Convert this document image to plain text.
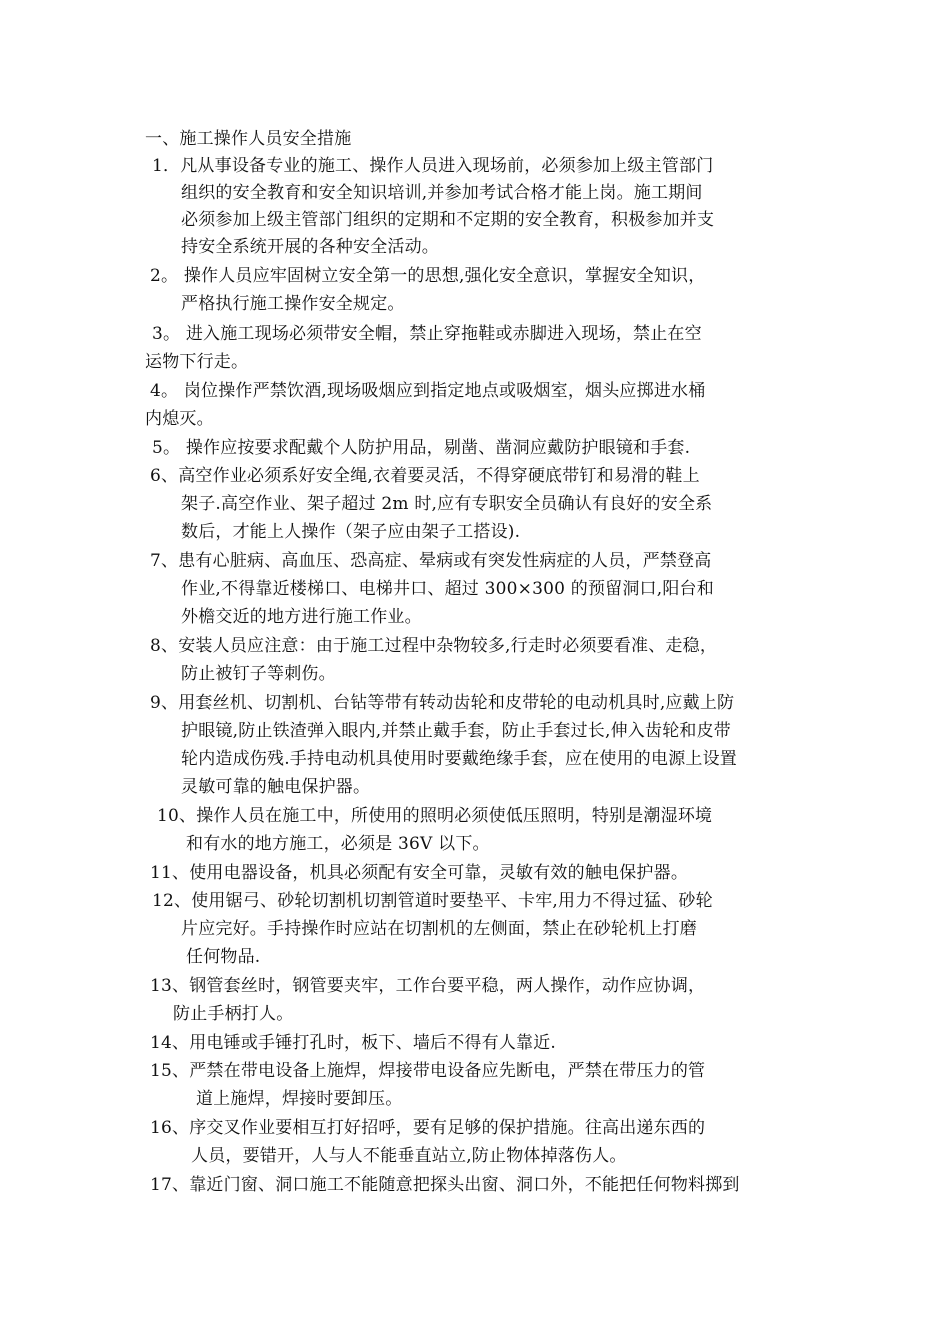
一、施工操作人员安全措施
1．凡从事设备专业的施工、操作人员进入现场前，必须参加上级主管部门
组织的安全教育和安全知识培训,并参加考试合格才能上岗。施工期间
必须参加上级主管部门组织的定期和不定期的安全教育，积极参加并支
持安全系统开展的各种安全活动。
2。 操作人员应牢固树立安全第一的思想,强化安全意识，掌握安全知识，
严格执行施工操作安全规定。
3。 进入施工现场必须带安全帽，禁止穿拖鞋或赤脚进入现场，禁止在空
运物下行走。
4。 岗位操作严禁饮酒,现场吸烟应到指定地点或吸烟室，烟头应掷进水桶
内熄灭。
5。 操作应按要求配戴个人防护用品，剔凿、凿洞应戴防护眼镜和手套.
6、高空作业必须系好安全绳,衣着要灵活，不得穿硬底带钉和易滑的鞋上
架子.高空作业、架子超过 2m 时,应有专职安全员确认有良好的安全系
数后，才能上人操作（架子应由架子工搭设).
7、患有心脏病、高血压、恐高症、晕病或有突发性病症的人员，严禁登高
作业,不得靠近楼梯口、电梯井口、超过 300×300 的预留洞口,阳台和
外檐交近的地方进行施工作业。
8、安装人员应注意：由于施工过程中杂物较多,行走时必须要看准、走稳，
防止被钉子等刺伤。
9、用套丝机、切割机、台钻等带有转动齿轮和皮带轮的电动机具时,应戴上防
护眼镜,防止铁渣弹入眼内,并禁止戴手套，防止手套过长,伸入齿轮和皮带
轮内造成伤残.手持电动机具使用时要戴绝缘手套，应在使用的电源上设置
灵敏可靠的触电保护器。
10、操作人员在施工中，所使用的照明必须使低压照明，特别是潮湿环境
和有水的地方施工，必须是 36V 以下。
11、使用电器设备，机具必须配有安全可靠，灵敏有效的触电保护器。
12、使用锯弓、砂轮切割机切割管道时要垫平、卡牢,用力不得过猛、砂轮
片应完好。手持操作时应站在切割机的左侧面，禁止在砂轮机上打磨
任何物品.
13、钢管套丝时，钢管要夹牢，工作台要平稳，两人操作，动作应协调，
防止手柄打人。
14、用电锤或手锤打孔时，板下、墙后不得有人靠近.
15、严禁在带电设备上施焊，焊接带电设备应先断电，严禁在带压力的管
道上施焊，焊接时要卸压。
16、序交叉作业要相互打好招呼，要有足够的保护措施。往高出递东西的
人员，要错开，人与人不能垂直站立,防止物体掉落伤人。
17、靠近门窗、洞口施工不能随意把探头出窗、洞口外，不能把任何物料掷到
